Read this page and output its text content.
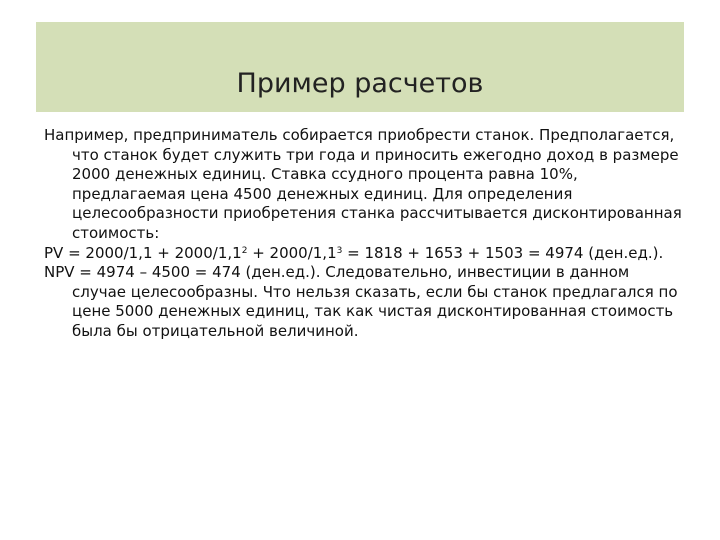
Пример расчетов

Например, предприниматель собирается приобрести станок. Предполагается, что станок будет служить три года и приносить ежегодно доход в размере 2000 денежных единиц. Ставка ссудного процента равна 10%, предлагаемая цена 4500 денежных единиц. Для определения целесообразности приобретения станка рассчитывается дисконтированная стоимость:

PV = $2000/1,1 + 2000/1,1^2 + 2000/1,1^3 = 1818 + 1653 + 1503 = 4974$ (ден.ед.).

NPV = 4974 – 4500 = 474 (ден.ед.). Следовательно, инвестиции в данном случае целесообразны. Что нельзя сказать, если бы станок предлагался по цене 5000 денежных единиц, так как чистая дисконтированная стоимость была бы отрицательной величиной.
